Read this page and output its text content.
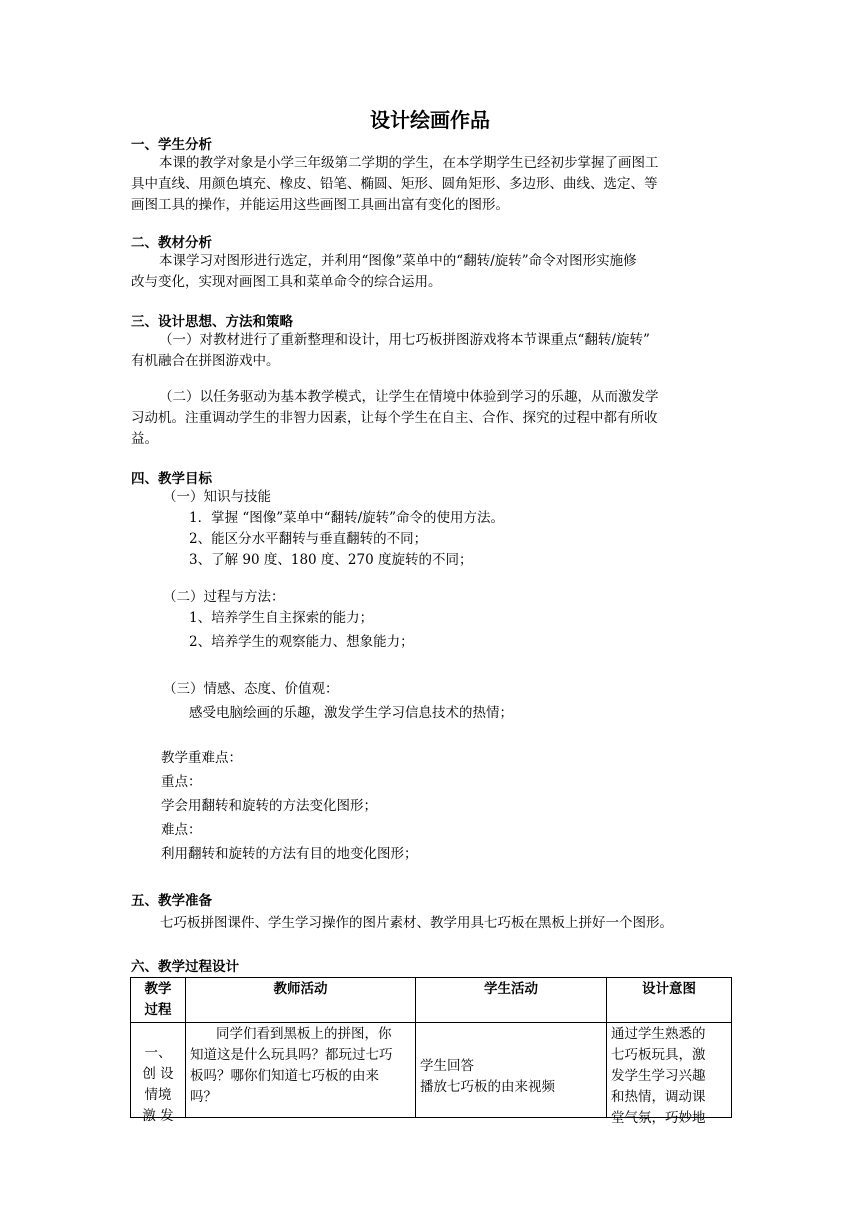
设计绘画作品
一、学生分析
本课的教学对象是小学三年级第二学期的学生，在本学期学生已经初步掌握了画图工
具中直线、用颜色填充、橡皮、铅笔、椭圆、矩形、圆角矩形、多边形、曲线、选定、等
画图工具的操作，并能运用这些画图工具画出富有变化的图形。
二、教材分析
本课学习对图形进行选定，并利用“图像”菜单中的“翻转/旋转”命令对图形实施修
改与变化，实现对画图工具和菜单命令的综合运用。
三、设计思想、方法和策略
（一）对教材进行了重新整理和设计，用七巧板拼图游戏将本节课重点“翻转/旋转”
有机融合在拼图游戏中。
（二）以任务驱动为基本教学模式，让学生在情境中体验到学习的乐趣，从而激发学
习动机。注重调动学生的非智力因素，让每个学生在自主、合作、探究的过程中都有所收
益。
四、教学目标
（一）知识与技能
1．掌握 “图像”菜单中“翻转/旋转”命令的使用方法。
2、能区分水平翻转与垂直翻转的不同；
3、了解 90 度、180 度、270 度旋转的不同；
（二）过程与方法：
1、培养学生自主探索的能力；
2、培养学生的观察能力、想象能力；
（三）情感、态度、价值观：
感受电脑绘画的乐趣，激发学生学习信息技术的热情；
教学重难点：
重点：
学会用翻转和旋转的方法变化图形；
难点：
利用翻转和旋转的方法有目的地变化图形；
五、教学准备
七巧板拼图课件、学生学习操作的图片素材、教学用具七巧板在黑板上拼好一个图形。
六、教学过程设计
教学
过程	教师活动	学生活动	设计意图

一、
创 设
情境
激 发	同学们看到黑板上的拼图，你
知道这是什么玩具吗？都玩过七巧
板吗？哪你们知道七巧板的由来
吗？	学生回答
播放七巧板的由来视频	通过学生熟悉的
七巧板玩具，激
发学生学习兴趣
和热情，调动课
堂气氛，巧妙地
